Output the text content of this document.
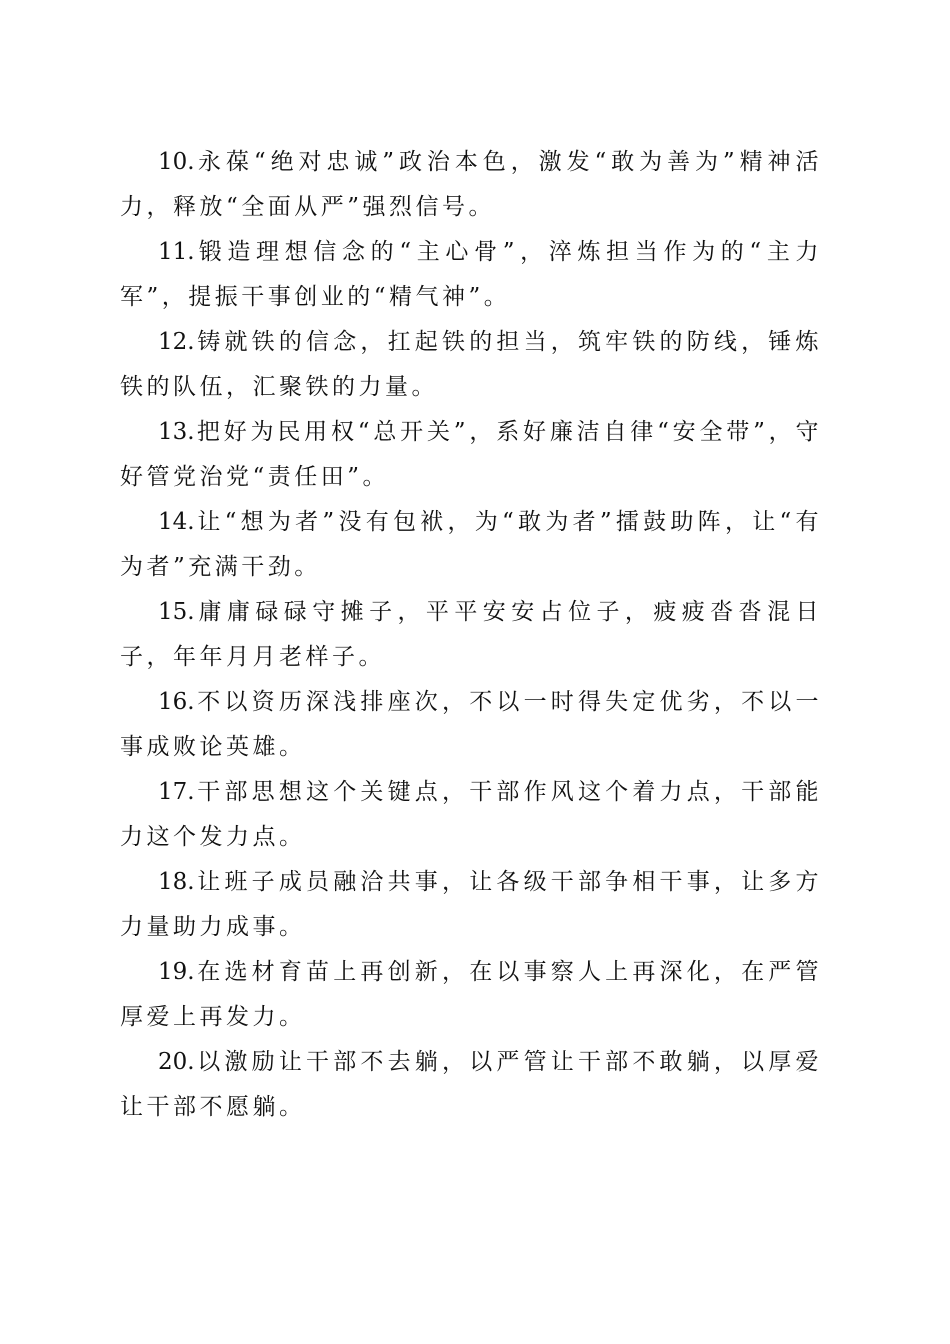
10.永葆“绝对忠诚”政治本色，激发“敢为善为”精神活力，释放“全面从严”强烈信号。

11.锻造理想信念的“主心骨”，淬炼担当作为的“主力军”，提振干事创业的“精气神”。

12.铸就铁的信念，扛起铁的担当，筑牢铁的防线，锤炼铁的队伍，汇聚铁的力量。

13.把好为民用权“总开关”，系好廉洁自律“安全带”，守好管党治党“责任田”。

14.让“想为者”没有包袱，为“敢为者”擂鼓助阵，让“有为者”充满干劲。

15.庸庸碌碌守摊子，平平安安占位子，疲疲沓沓混日子，年年月月老样子。

16.不以资历深浅排座次，不以一时得失定优劣，不以一事成败论英雄。

17.干部思想这个关键点，干部作风这个着力点，干部能力这个发力点。

18.让班子成员融洽共事，让各级干部争相干事，让多方力量助力成事。

19.在选材育苗上再创新，在以事察人上再深化，在严管厚爱上再发力。

20.以激励让干部不去躺，以严管让干部不敢躺，以厚爱让干部不愿躺。
